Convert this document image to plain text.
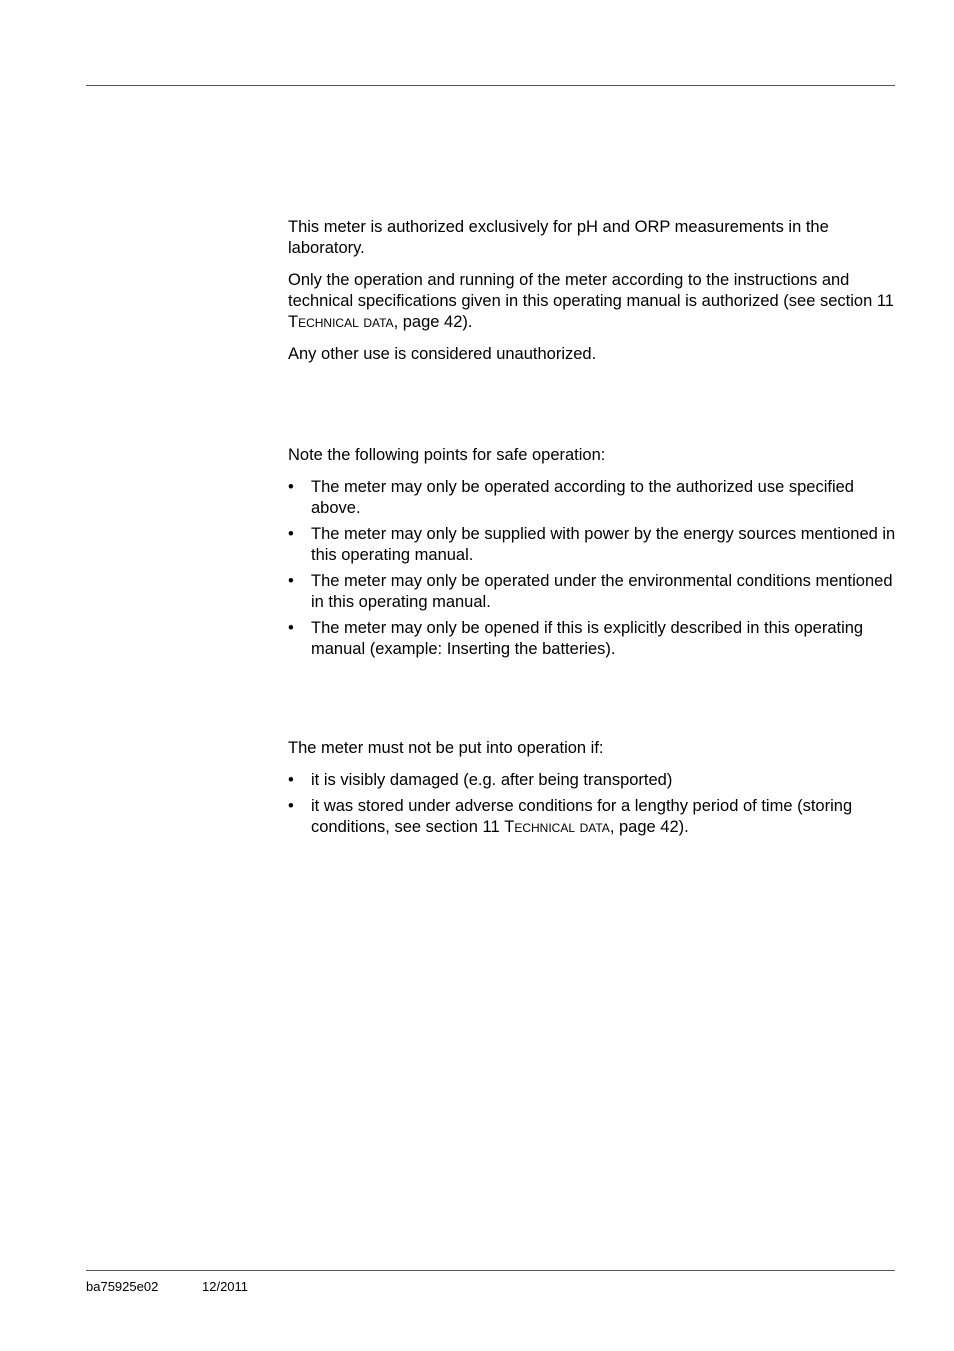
This meter is authorized exclusively for pH and ORP measurements in the laboratory.

Only the operation and running of the meter according to the instructions and technical specifications given in this operating manual is authorized (see section 11 Technical data, page 42).

Any other use is considered unauthorized.

Note the following points for safe operation:

• The meter may only be operated according to the authorized use specified above.
• The meter may only be supplied with power by the energy sources mentioned in this operating manual.
• The meter may only be operated under the environmental conditions mentioned in this operating manual.
• The meter may only be opened if this is explicitly described in this operating manual (example: Inserting the batteries).

The meter must not be put into operation if:

• it is visibly damaged (e.g. after being transported)
• it was stored under adverse conditions for a lengthy period of time (storing conditions, see section 11 Technical data, page 42).
ba75925e02	12/2011
